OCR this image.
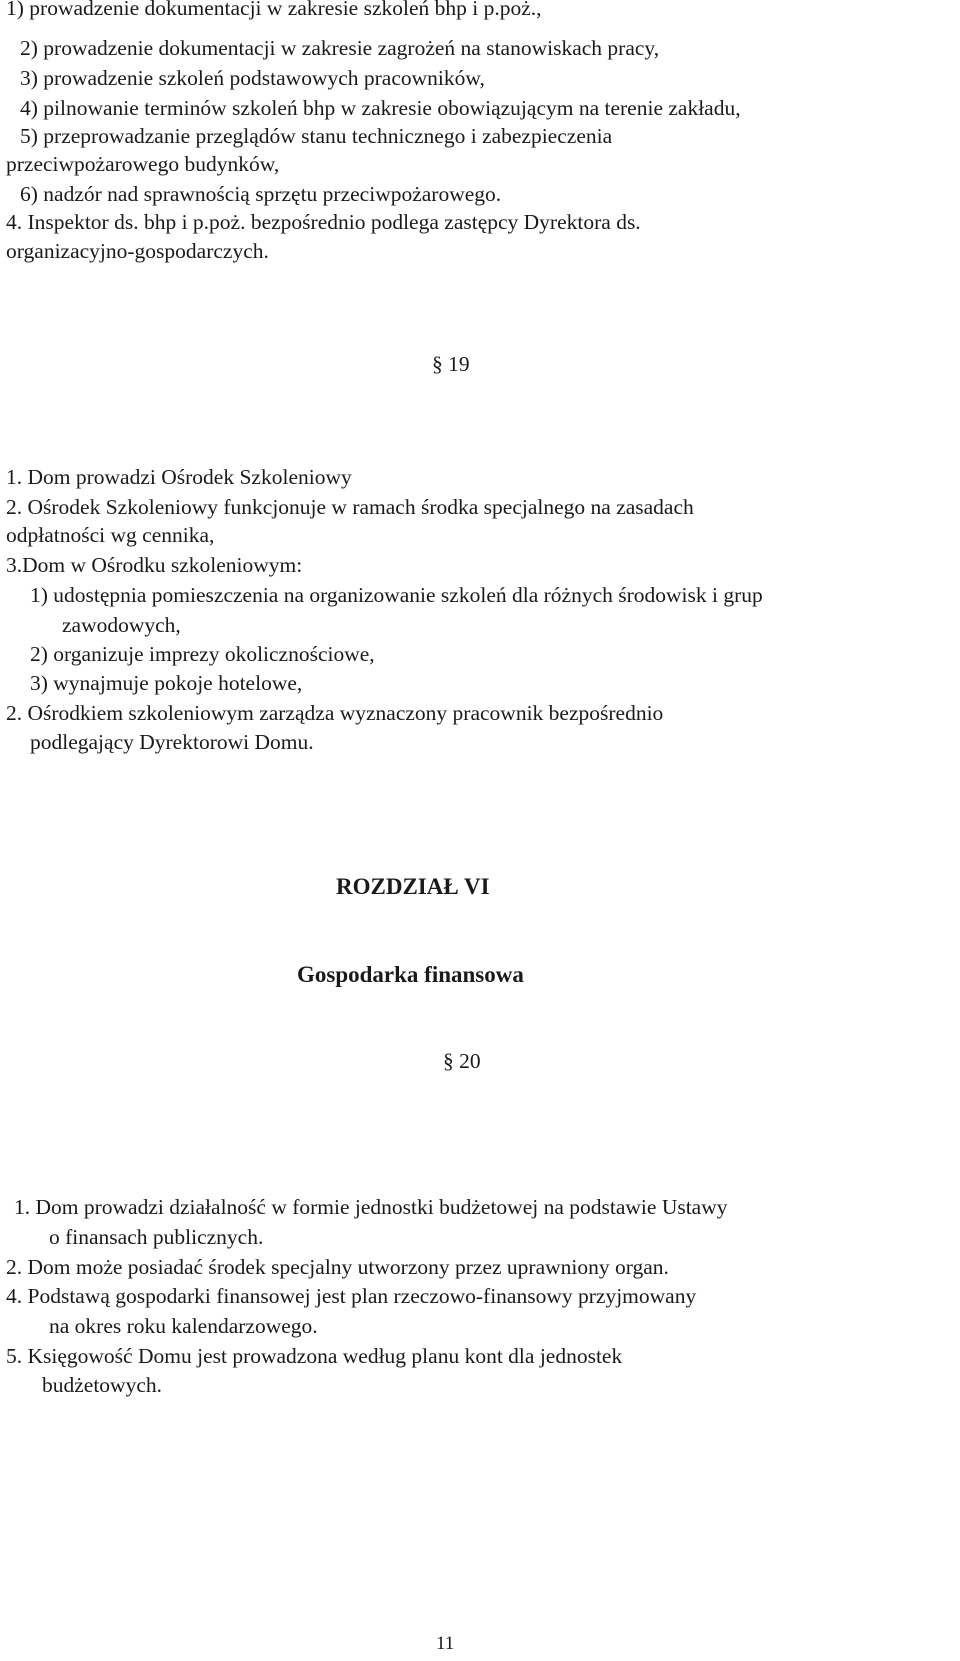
1) prowadzenie dokumentacji w zakresie szkoleń bhp i p.poż.,
2) prowadzenie dokumentacji w zakresie zagrożeń na stanowiskach pracy,
3) prowadzenie szkoleń podstawowych pracowników,
4) pilnowanie terminów szkoleń bhp w zakresie obowiązującym na terenie zakładu,
5) przeprowadzanie przeglądów stanu technicznego i zabezpieczenia
przeciwpożarowego budynków,
6) nadzór nad sprawnością sprzętu przeciwpożarowego.
4. Inspektor ds. bhp i p.poż. bezpośrednio podlega zastępcy Dyrektora ds.
organizacyjno-gospodarczych.
§ 19
1. Dom prowadzi Ośrodek Szkoleniowy
2. Ośrodek Szkoleniowy funkcjonuje w ramach środka specjalnego na zasadach
odpłatności wg cennika,
3.Dom w Ośrodku szkoleniowym:
1) udostępnia pomieszczenia na organizowanie szkoleń dla różnych środowisk i grup
zawodowych,
2) organizuje imprezy okolicznościowe,
3) wynajmuje pokoje hotelowe,
2. Ośrodkiem szkoleniowym zarządza wyznaczony pracownik bezpośrednio
podlegający Dyrektorowi Domu.
ROZDZIAŁ VI
Gospodarka finansowa
§ 20
1. Dom prowadzi działalność w formie jednostki budżetowej na podstawie Ustawy
o finansach publicznych.
2. Dom może posiadać środek specjalny utworzony przez uprawniony organ.
4. Podstawą gospodarki finansowej jest plan rzeczowo-finansowy przyjmowany
na okres roku kalendarzowego.
5. Księgowość Domu jest prowadzona według planu kont dla jednostek
budżetowych.
11
